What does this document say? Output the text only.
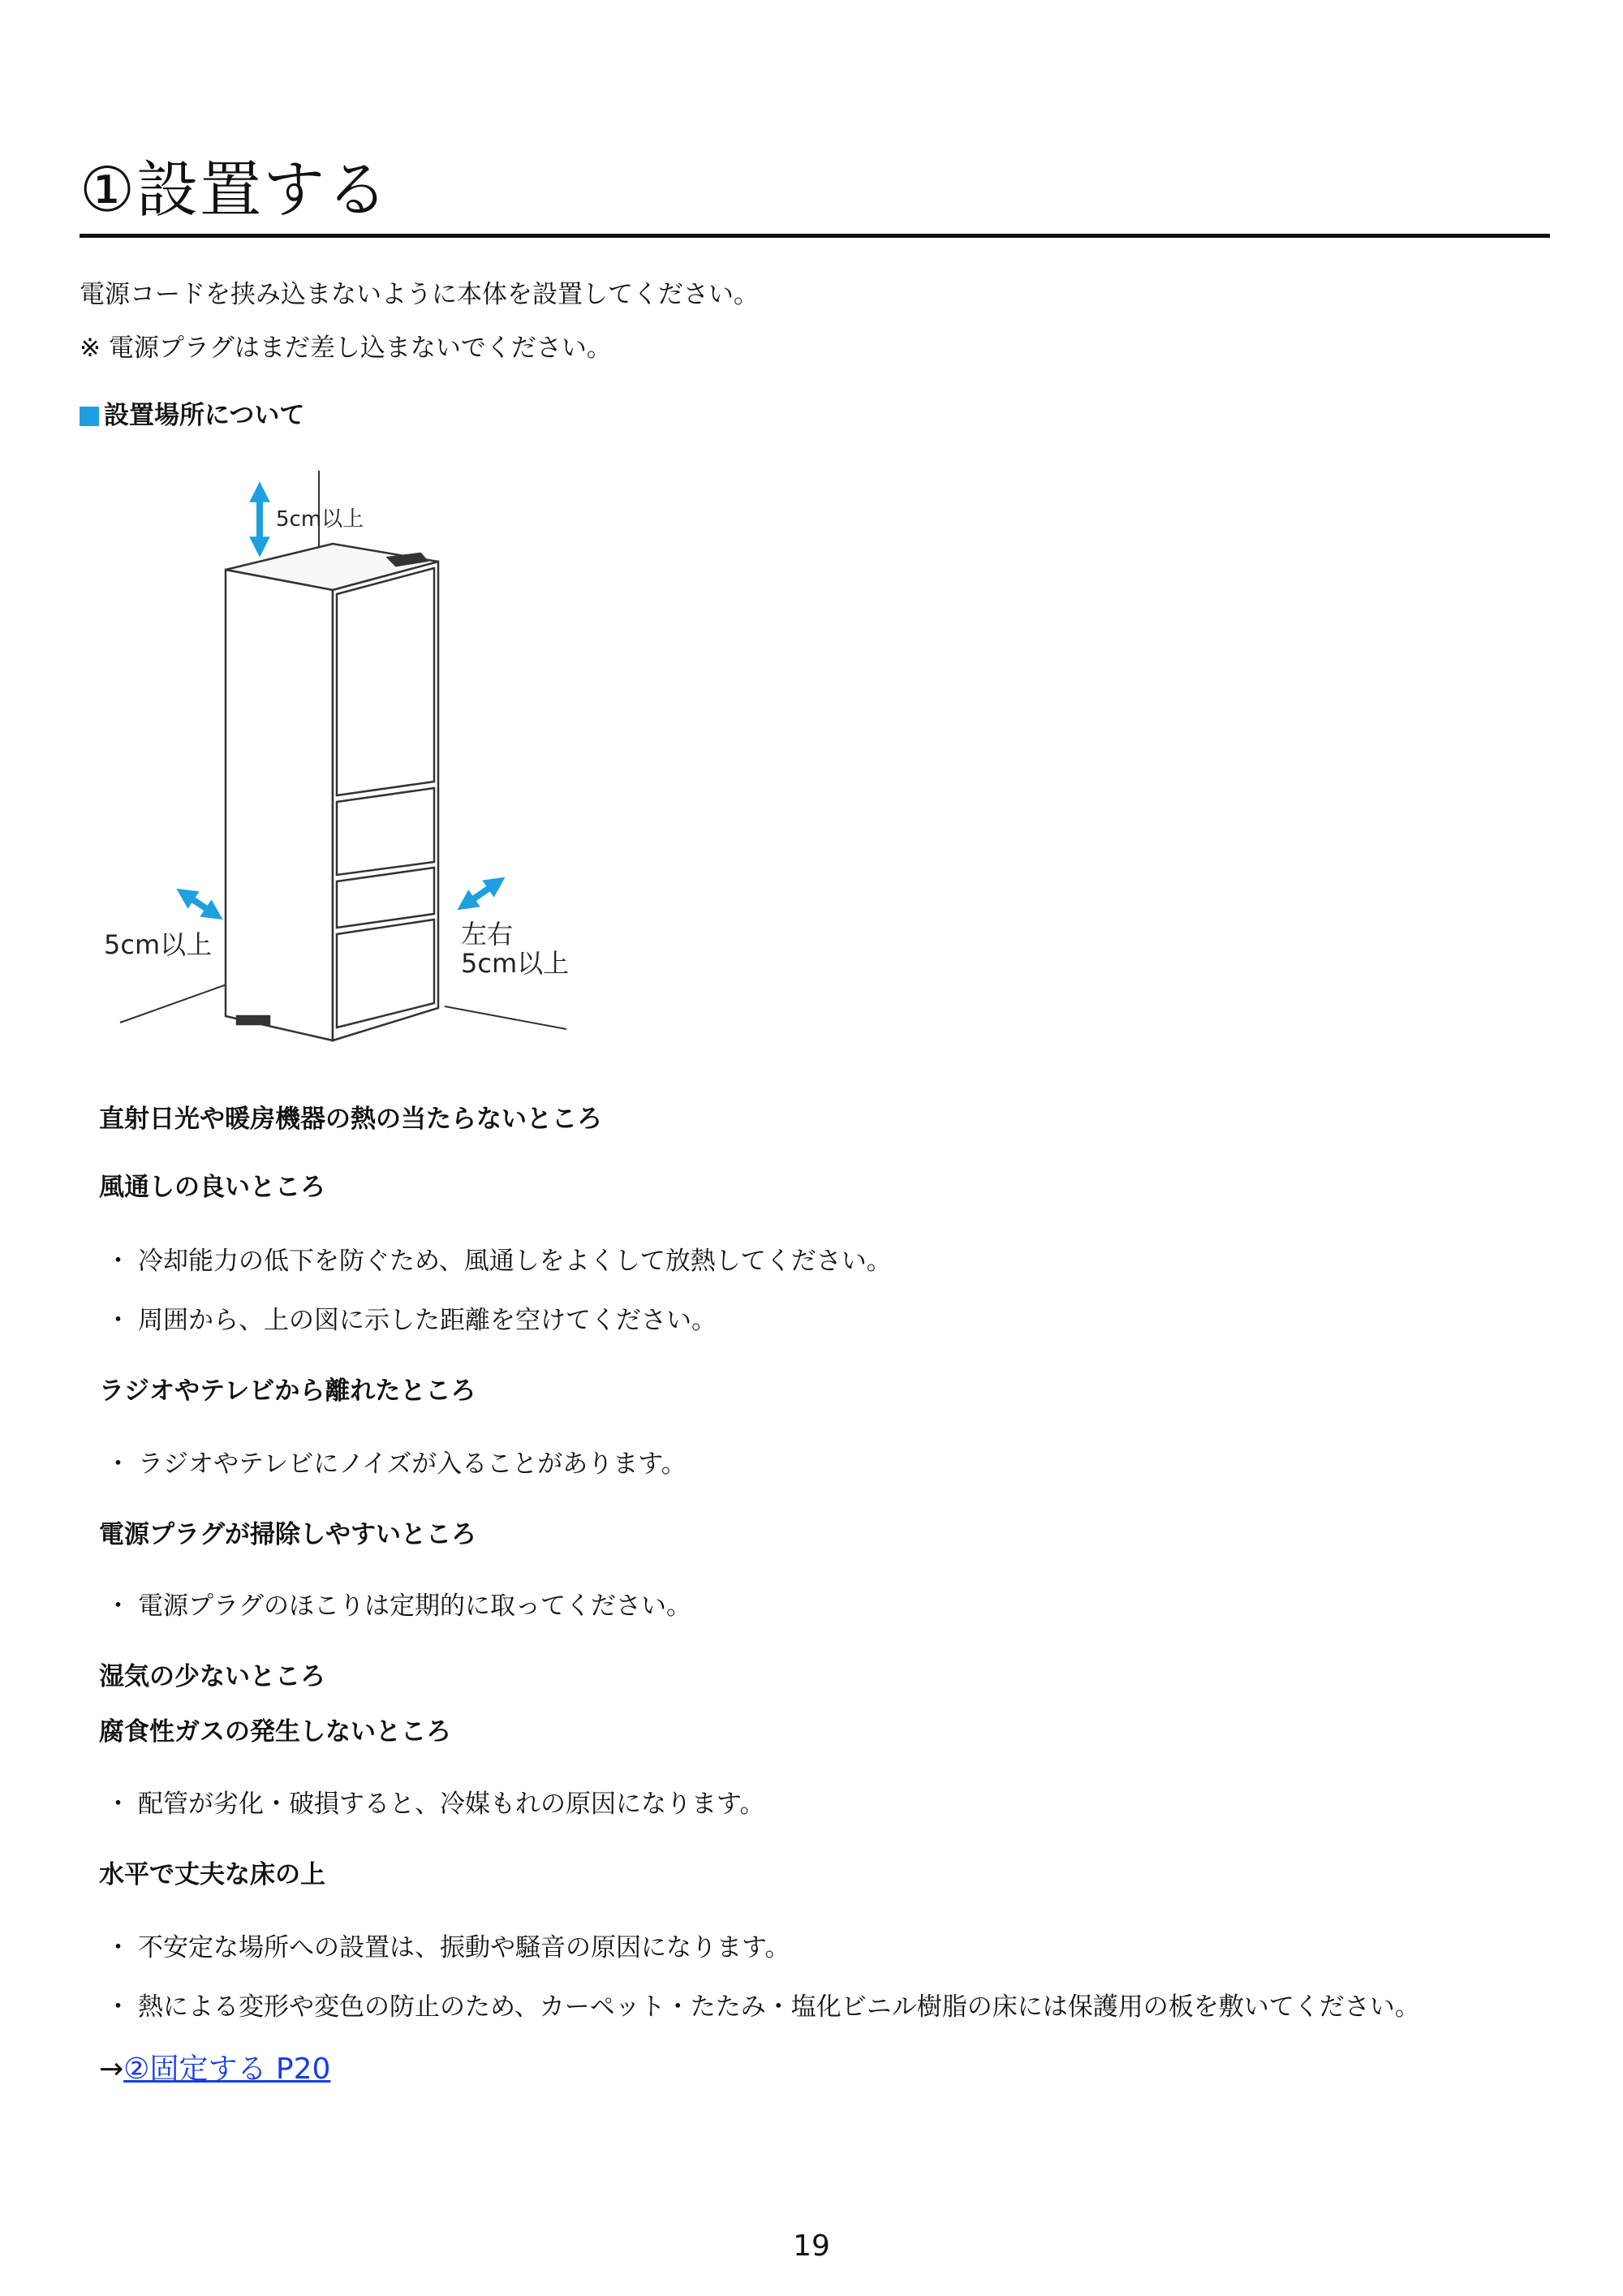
①設置する
電源コードを挟み込まないように本体を設置してください。
※ 電源プラグはまだ差し込まないでください。
設置場所について
5cm以上
5cm以上	左右
5cm以上
直射日光や暖房機器の熱の当たらないところ
風通しの良いところ
・ 冷却能力の低下を防ぐため、風通しをよくして放熱してください。
・ 周囲から、上の図に示した距離を空けてください。
ラジオやテレビから離れたところ
・ ラジオやテレビにノイズが入ることがあります。
電源プラグが掃除しやすいところ
・ 電源プラグのほこりは定期的に取ってください。
湿気の少ないところ
腐食性ガスの発生しないところ
・ 配管が劣化・破損すると、冷媒もれの原因になります。
水平で丈夫な床の上
・ 不安定な場所への設置は、振動や騒音の原因になります。
・ 熱による変形や変色の防止のため、カーペット・たたみ・塩化ビニル樹脂の床には保護用の板を敷いてください。
→②固定する P20
19
